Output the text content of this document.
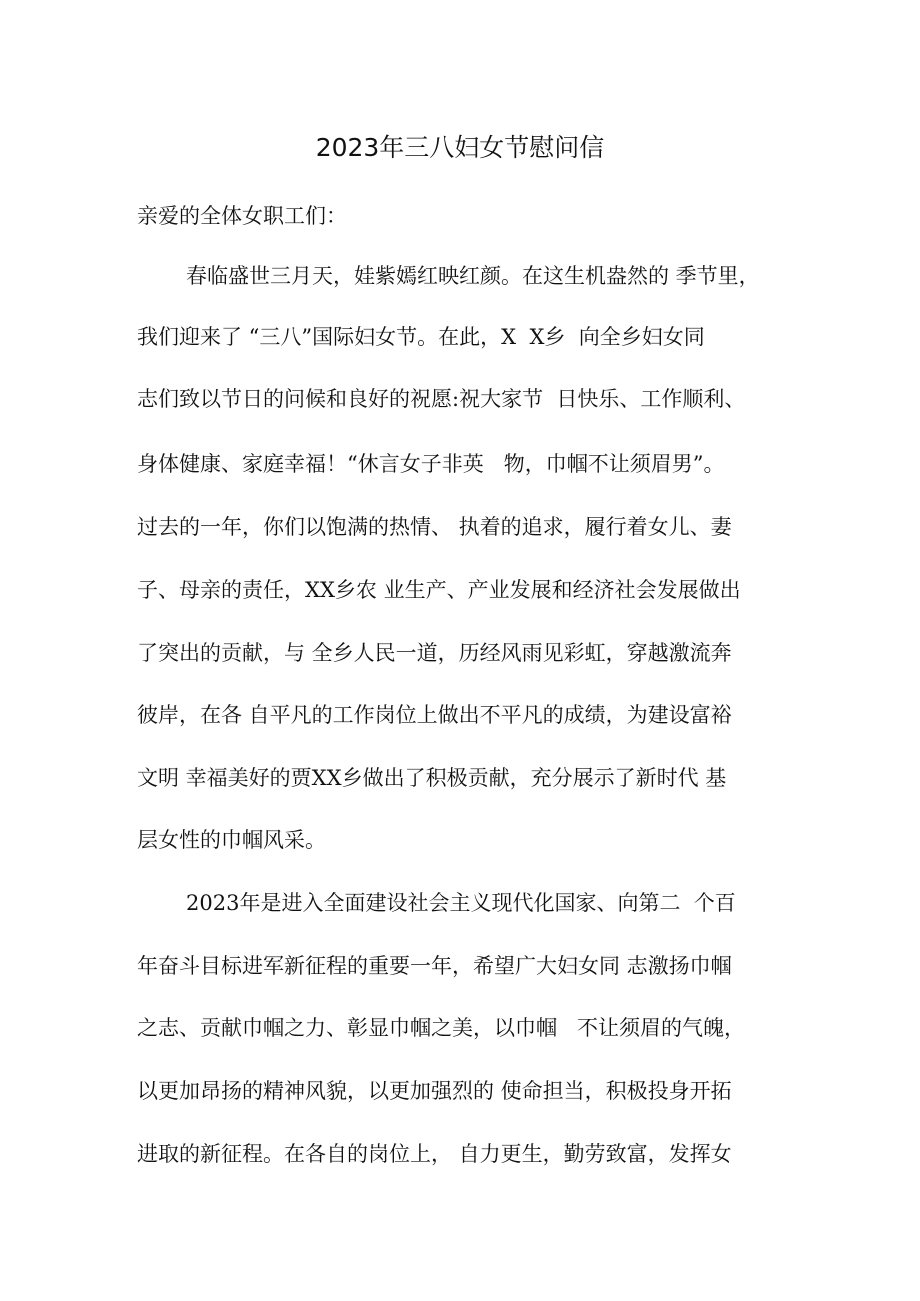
2023年三八妇女节慰问信
亲爱的全体女职工们：
春临盛世三月天，娃紫嫣红映红颜。在这生机盎然的 季节里，
我们迎来了 “三八”国际妇女节。在此，X  X乡  向全乡妇女同
志们致以节日的问候和良好的祝愿:祝大家节  日快乐、工作顺利、
身体健康、家庭幸福！“休言女子非英   物，巾帼不让须眉男”。
过去的一年，你们以饱满的热情、 执着的追求，履行着女儿、妻
子、母亲的责任，XX乡农 业生产、产业发展和经济社会发展做出
了突出的贡献，与 全乡人民一道，历经风雨见彩虹，穿越激流奔
彼岸，在各 自平凡的工作岗位上做出不平凡的成绩，为建设富裕
文明 幸福美好的贾XX乡做出了积极贡献，充分展示了新时代 基
层女性的巾帼风采。
2023年是进入全面建设社会主义现代化国家、向第二  个百
年奋斗目标进军新征程的重要一年，希望广大妇女同 志激扬巾帼
之志、贡献巾帼之力、彰显巾帼之美，以巾帼   不让须眉的气魄，
以更加昂扬的精神风貌，以更加强烈的 使命担当，积极投身开拓
进取的新征程。在各自的岗位上， 自力更生，勤劳致富，发挥女
